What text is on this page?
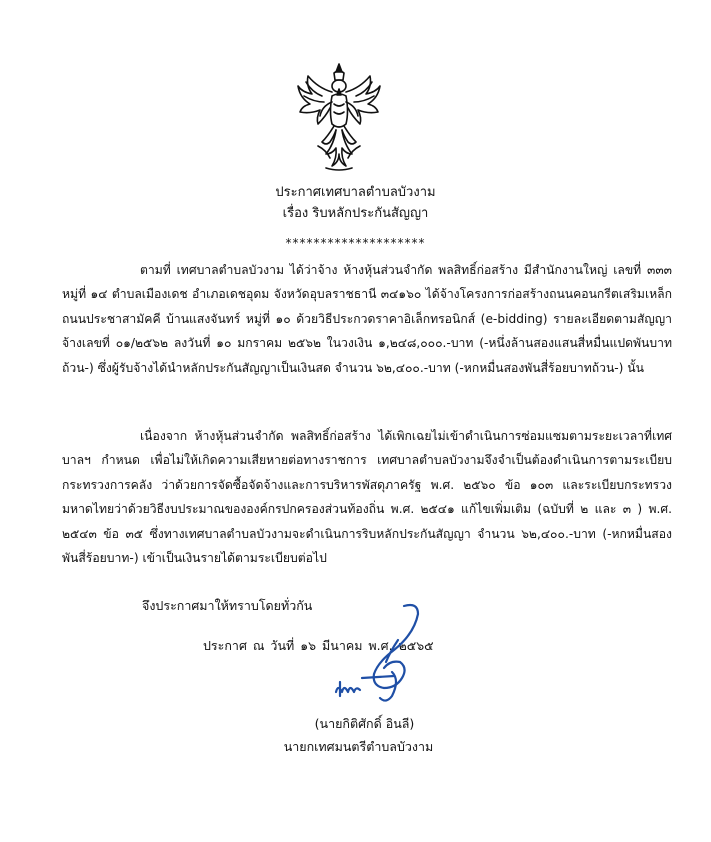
ประกาศเทศบาลตำบลบัวงาม
เรื่อง ริบหลักประกันสัญญา
********************

ตามที่ เทศบาลตำบลบัวงาม ได้ว่าจ้าง ห้างหุ้นส่วนจำกัด พลสิทธิ์ก่อสร้าง มีสำนักงานใหญ่ เลขที่ ๓๓๓ หมู่ที่ ๑๔ ตำบลเมืองเดช อำเภอเดชอุดม จังหวัดอุบลราชธานี ๓๔๑๖๐ ได้จ้างโครงการก่อสร้างถนนคอนกรีตเสริมเหล็ก ถนนประชาสามัคคี บ้านแสงจันทร์ หมู่ที่ ๑๐ ด้วยวิธีประกวดราคาอิเล็กทรอนิกส์ (e-bidding) รายละเอียดตามสัญญาจ้างเลขที่ ๐๑/๒๕๖๒ ลงวันที่ ๑๐ มกราคม ๒๕๖๒ ในวงเงิน ๑,๒๔๘,๐๐๐.-บาท (-หนึ่งล้านสองแสนสี่หมื่นแปดพันบาทถ้วน-) ซึ่งผู้รับจ้างได้นำหลักประกันสัญญาเป็นเงินสด จำนวน ๖๒,๔๐๐.-บาท (-หกหมื่นสองพันสี่ร้อยบาทถ้วน-) นั้น

เนื่องจาก ห้างหุ้นส่วนจำกัด พลสิทธิ์ก่อสร้าง ได้เพิกเฉยไม่เข้าดำเนินการซ่อมแซมตามระยะเวลาที่เทศบาลฯ กำหนด เพื่อไม่ให้เกิดความเสียหายต่อทางราชการ เทศบาลตำบลบัวงามจึงจำเป็นต้องดำเนินการตามระเบียบกระทรวงการคลัง ว่าด้วยการจัดซื้อจัดจ้างและการบริหารพัสดุภาครัฐ พ.ศ. ๒๕๖๐ ข้อ ๑๐๓ และระเบียบกระทรวงมหาดไทยว่าด้วยวิธีงบประมาณขององค์กรปกครองส่วนท้องถิ่น พ.ศ. ๒๕๔๑ แก้ไขเพิ่มเติม (ฉบับที่ ๒ และ ๓ ) พ.ศ. ๒๕๔๓ ข้อ ๓๕ ซึ่งทางเทศบาลตำบลบัวงามจะดำเนินการริบหลักประกันสัญญา จำนวน ๖๒,๔๐๐.-บาท (-หกหมื่นสองพันสี่ร้อยบาท-) เข้าเป็นเงินรายได้ตามระเบียบต่อไป

จึงประกาศมาให้ทราบโดยทั่วกัน
ประกาศ ณ วันที่ ๑๖ มีนาคม พ.ศ. ๒๕๖๕
(นายกิติศักดิ์ อินลี)
นายกเทศมนตรีตำบลบัวงาม
